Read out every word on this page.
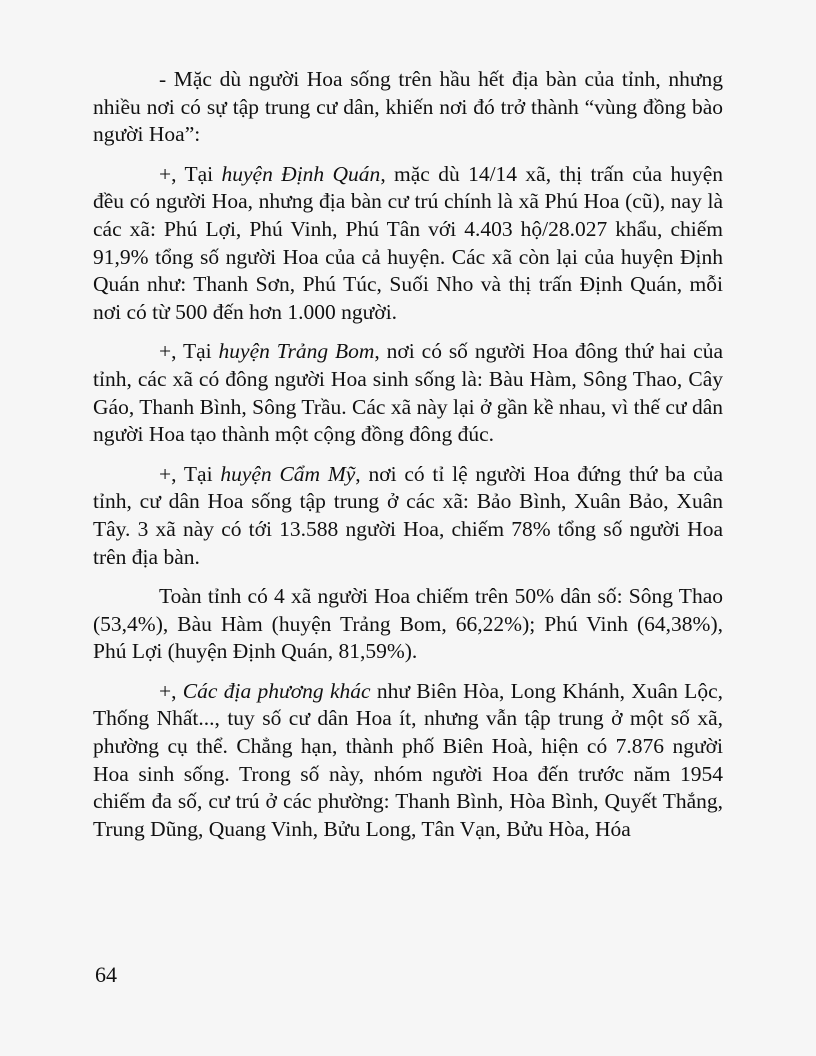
- Mặc dù người Hoa sống trên hầu hết địa bàn của tỉnh, nhưng nhiều nơi có sự tập trung cư dân, khiến nơi đó trở thành “vùng đồng bào người Hoa”:

+, Tại huyện Định Quán, mặc dù 14/14 xã, thị trấn của huyện đều có người Hoa, nhưng địa bàn cư trú chính là xã Phú Hoa (cũ), nay là các xã: Phú Lợi, Phú Vinh, Phú Tân với 4.403 hộ/28.027 khẩu, chiếm 91,9% tổng số người Hoa của cả huyện. Các xã còn lại của huyện Định Quán như: Thanh Sơn, Phú Túc, Suối Nho và thị trấn Định Quán, mỗi nơi có từ 500 đến hơn 1.000 người.

+, Tại huyện Trảng Bom, nơi có số người Hoa đông thứ hai của tỉnh, các xã có đông người Hoa sinh sống là: Bàu Hàm, Sông Thao, Cây Gáo, Thanh Bình, Sông Trầu. Các xã này lại ở gần kề nhau, vì thế cư dân người Hoa tạo thành một cộng đồng đông đúc.

+, Tại huyện Cẩm Mỹ, nơi có tỉ lệ người Hoa đứng thứ ba của tỉnh, cư dân Hoa sống tập trung ở các xã: Bảo Bình, Xuân Bảo, Xuân Tây. 3 xã này có tới 13.588 người Hoa, chiếm 78% tổng số người Hoa trên địa bàn.

Toàn tỉnh có 4 xã người Hoa chiếm trên 50% dân số: Sông Thao (53,4%), Bàu Hàm (huyện Trảng Bom, 66,22%); Phú Vinh (64,38%), Phú Lợi (huyện Định Quán, 81,59%).

+, Các địa phương khác như Biên Hòa, Long Khánh, Xuân Lộc, Thống Nhất..., tuy số cư dân Hoa ít, nhưng vẫn tập trung ở một số xã, phường cụ thể. Chẳng hạn, thành phố Biên Hoà, hiện có 7.876 người Hoa sinh sống. Trong số này, nhóm người Hoa đến trước năm 1954 chiếm đa số, cư trú ở các phường: Thanh Bình, Hòa Bình, Quyết Thắng, Trung Dũng, Quang Vinh, Bửu Long, Tân Vạn, Bửu Hòa, Hóa

64
